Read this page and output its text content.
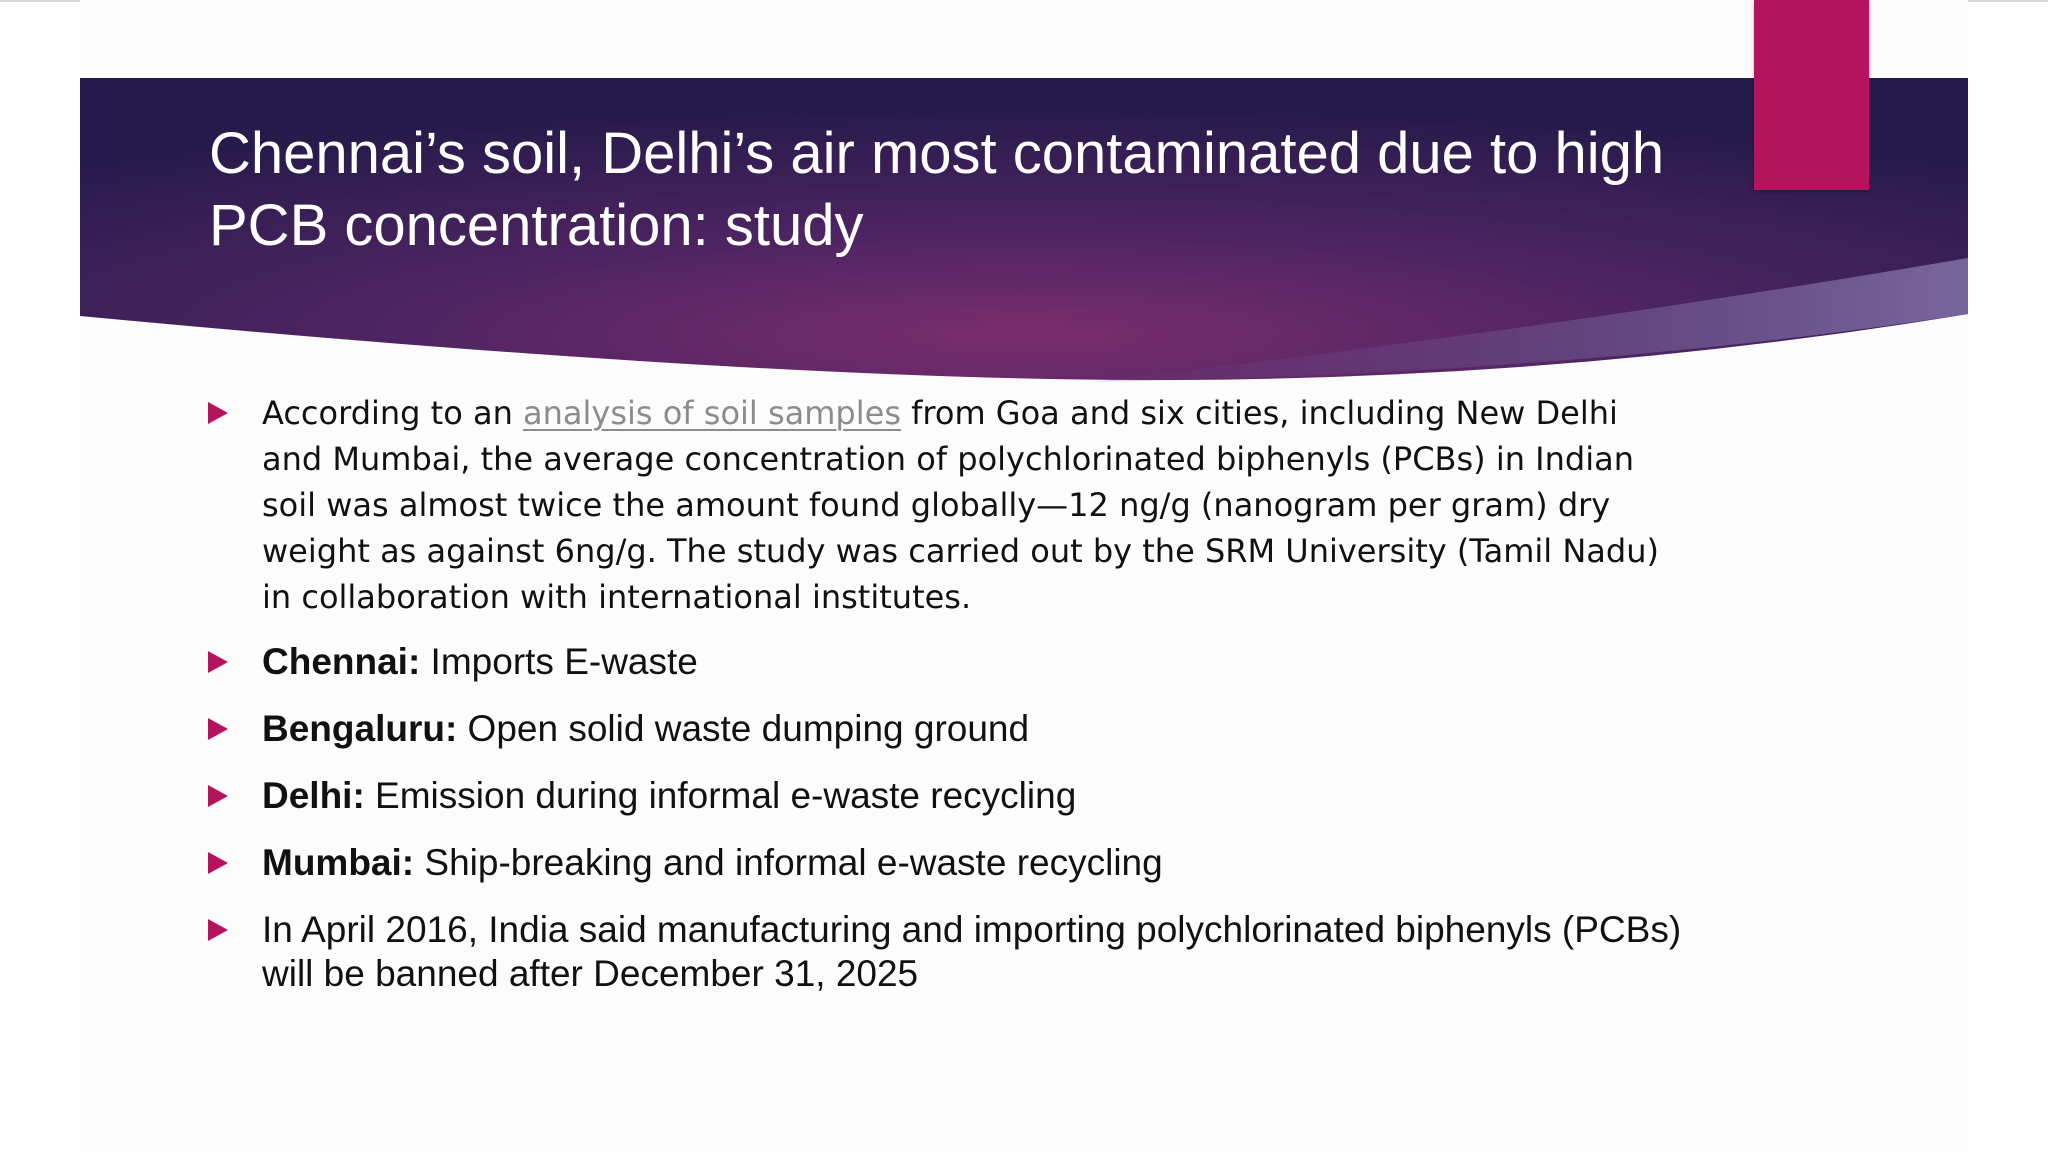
Chennai’s soil, Delhi’s air most contaminated due to high PCB concentration: study
According to an analysis of soil samples from Goa and six cities, including New Delhi and Mumbai, the average concentration of polychlorinated biphenyls (PCBs) in Indian soil was almost twice the amount found globally—12 ng/g (nanogram per gram) dry weight as against 6ng/g. The study was carried out by the SRM University (Tamil Nadu) in collaboration with international institutes.
Chennai: Imports E-waste
Bengaluru: Open solid waste dumping ground
Delhi: Emission during informal e-waste recycling
Mumbai: Ship-breaking and informal e-waste recycling
In April 2016, India said manufacturing and importing polychlorinated biphenyls (PCBs) will be banned after December 31, 2025
